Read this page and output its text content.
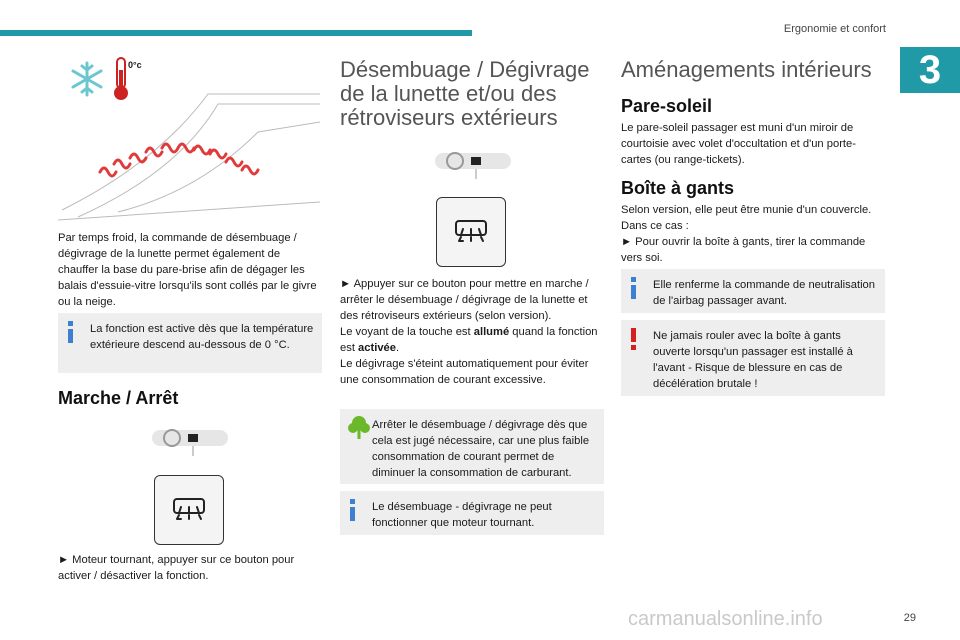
Ergonomie et confort
3
0°c

Par temps froid, la commande de désembuage / dégivrage de la lunette permet également de chauffer la base du pare-brise afin de dégager les balais d'essuie-vitre lorsqu'ils sont collés par le givre ou la neige.

La fonction est active dès que la température extérieure descend au-dessous de 0 °C.
Marche / Arrêt

► Moteur tournant, appuyer sur ce bouton pour activer / désactiver la fonction.

Désembuage / Dégivrage de la lunette et/ou des rétroviseurs extérieurs

► Appuyer sur ce bouton pour mettre en marche / arrêter le désembuage / dégivrage de la lunette et des rétroviseurs extérieurs (selon version).

Le voyant de la touche est allumé quand la fonction est activée.

Le dégivrage s'éteint automatiquement pour éviter une consommation de courant excessive.

Arrêter le désembuage / dégivrage dès que cela est jugé nécessaire, car une plus faible consommation de courant permet de diminuer la consommation de carburant.
Le désembuage - dégivrage ne peut fonctionner que moteur tournant.
Aménagements intérieurs
Pare-soleil

Le pare-soleil passager est muni d'un miroir de courtoisie avec volet d'occultation et d'un porte-cartes (ou range-tickets).

Boîte à gants

Selon version, elle peut être munie d'un couvercle. Dans ce cas :

► Pour ouvrir la boîte à gants, tirer la commande vers soi.

Elle renferme la commande de neutralisation de l'airbag passager avant.
Ne jamais rouler avec la boîte à gants ouverte lorsqu'un passager est installé à l'avant - Risque de blessure en cas de décélération brutale !
carmanualsonline.info	29
